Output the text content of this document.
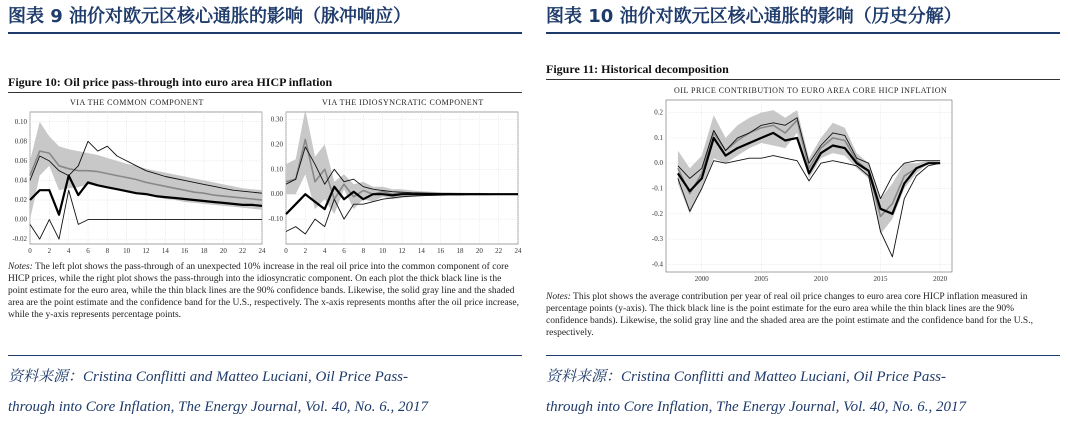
图表 9 油价对欧元区核心通胀的影响（脉冲响应）
Figure 10: Oil price pass-through into euro area HICP inflation
VIA THE COMMON COMPONENT	VIA THE IDIOSYNCRATIC COMPONENT
-0.02
0.00
0.02
0.04
0.06
0.08
0.10
0 2 4 6 8 10 12 14 16 18 20 22 24
-0.10
0.00
0.10
0.20
0.30
0 2 4 6 8 10 12 14 16 18 20 22 24
Notes: The left plot shows the pass-through of an unexpected 10% increase in the real oil price into the common component of core HICP prices, while the right plot shows the pass-through into the idiosyncratic component. On each plot the thick black line is the point estimate for the euro area, while the thin black lines are the 90% confidence bands. Likewise, the solid gray line and the shaded area are the point estimate and the confidence band for the U.S., respectively. The x-axis represents months after the oil price increase, while the y-axis represents percentage points.
资料来源：Cristina Conflitti and Matteo Luciani, Oil Price Pass-
through into Core Inflation, The Energy Journal, Vol. 40, No. 6., 2017
图表 10 油价对欧元区核心通胀的影响（历史分解）
Figure 11: Historical decomposition
OIL PRICE CONTRIBUTION TO EURO AREA CORE HICP INFLATION
-0.4
-0.3
-0.2
-0.1
0.0
0.1
0.2
2000	2005	2010	2015	2020
Notes: This plot shows the average contribution per year of real oil price changes to euro area core HICP inflation measured in percentage points (y-axis). The thick black line is the point estimate for the euro area while the thin black lines are the 90% confidence bands). Likewise, the solid gray line and the shaded area are the point estimate and the confidence band for the U.S., respectively.
资料来源：Cristina Conflitti and Matteo Luciani, Oil Price Pass-
through into Core Inflation, The Energy Journal, Vol. 40, No. 6., 2017
